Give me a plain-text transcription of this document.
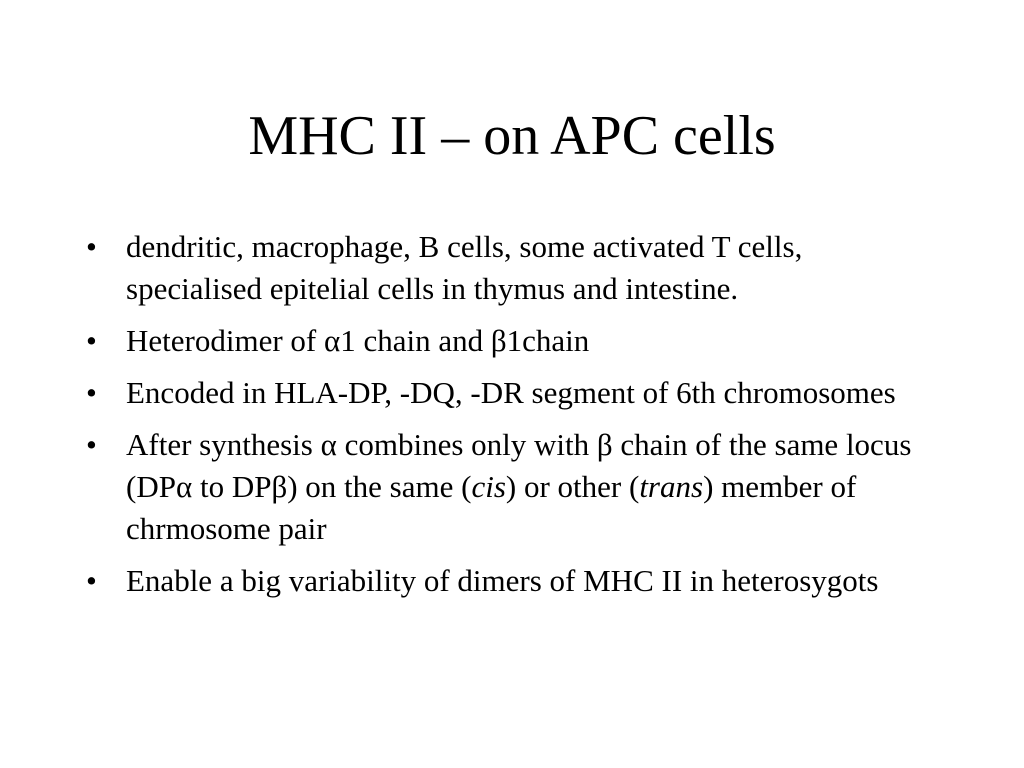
MHC II – on APC cells
• dendritic, macrophage, B cells, some activated T cells, specialised epitelial cells in thymus and intestine.
• Heterodimer of α1 chain and β1chain
• Encoded in HLA-DP, -DQ, -DR segment of 6th chromosomes
• After synthesis α combines only with β chain of the same locus (DPα to DPβ) on the same (cis) or other (trans) member of chrmosome pair
• Enable a big variability of dimers of MHC II in heterosygots
